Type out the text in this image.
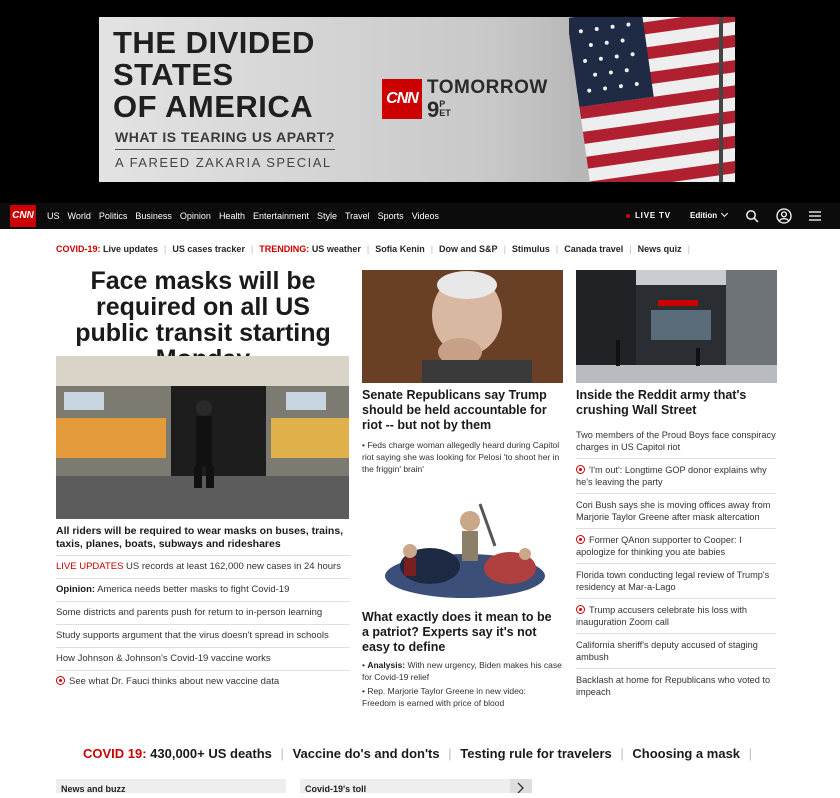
THE DIVIDED
STATES
OF AMERICA
WHAT IS TEARING US APART?
A FAREED ZAKARIA SPECIAL
CNN
TOMORROW
9P
ET
CNN US World Politics Business Opinion Health Entertainment Style Travel Sports Videos	LIVE TV Edition
COVID-19:
Live updates | US cases tracker | TRENDING:
US weather | Sofia Kenin | Dow and S&P | Stimulus | Canada travel | News quiz |
Face masks will be required on all US public transit starting
All riders will be required to wear masks on buses, trains, taxis, planes, boats, subways and rideshares
LIVE UPDATES US records at least 162,000 new cases in 24 hours
Opinion: America needs better masks to fight Covid-19
Some districts and parents push for return to in-person learning
Study supports argument that the virus doesn't spread in schools
How Johnson & Johnson's Covid-19 vaccine works
See what Dr. Fauci thinks about new vaccine data
Senate Republicans say Trump should be held accountable for riot -- but not by them
• Feds charge woman allegedly heard during Capitol riot saying she was looking for Pelosi 'to shoot her in the friggin' brain'
What exactly does it mean to be a patriot? Experts say it's not easy to define
• Analysis: With new urgency, Biden makes his case for Covid-19 relief
• Rep. Marjorie Taylor Greene in new video: Freedom is earned with price of blood
Inside the Reddit army that's crushing Wall Street
Two members of the Proud Boys face conspiracy charges in US Capitol riot
'I'm out': Longtime GOP donor explains why he's leaving the party
Cori Bush says she is moving offices away from Marjorie Taylor Greene after mask altercation
Former QAnon supporter to Cooper: I apologize for thinking you ate babies
Florida town conducting legal review of Trump's residency at Mar-a-Lago
Trump accusers celebrate his loss with inauguration Zoom call
California sheriff's deputy accused of staging ambush
Backlash at home for Republicans who voted to impeach
COVID 19: 430,000+ US deaths | Vaccine do's and don'ts | Testing rule for travelers | Choosing a mask |
News and buzz	Covid-19's toll
